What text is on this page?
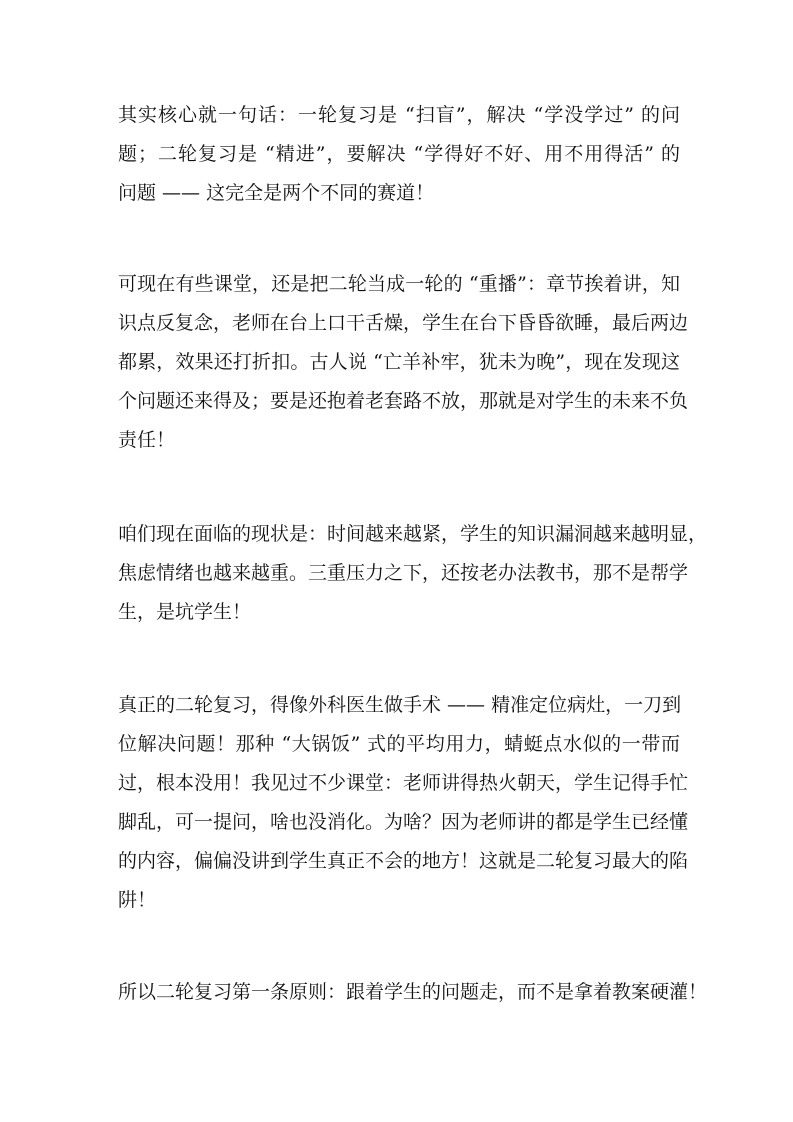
其实核心就一句话：一轮复习是 “扫盲”，解决 “学没学过” 的问
题；二轮复习是 “精进”，要解决 “学得好不好、用不用得活” 的
问题 —— 这完全是两个不同的赛道！
可现在有些课堂，还是把二轮当成一轮的 “重播”：章节挨着讲，知
识点反复念，老师在台上口干舌燥，学生在台下昏昏欲睡，最后两边
都累，效果还打折扣。古人说 “亡羊补牢，犹未为晚”，现在发现这
个问题还来得及；要是还抱着老套路不放，那就是对学生的未来不负
责任！
咱们现在面临的现状是：时间越来越紧，学生的知识漏洞越来越明显，
焦虑情绪也越来越重。三重压力之下，还按老办法教书，那不是帮学
生，是坑学生！
真正的二轮复习，得像外科医生做手术 —— 精准定位病灶，一刀到
位解决问题！那种 “大锅饭” 式的平均用力，蜻蜓点水似的一带而
过，根本没用！我见过不少课堂：老师讲得热火朝天，学生记得手忙
脚乱，可一提问，啥也没消化。为啥？因为老师讲的都是学生已经懂
的内容，偏偏没讲到学生真正不会的地方！这就是二轮复习最大的陷
阱！
所以二轮复习第一条原则：跟着学生的问题走，而不是拿着教案硬灌！
